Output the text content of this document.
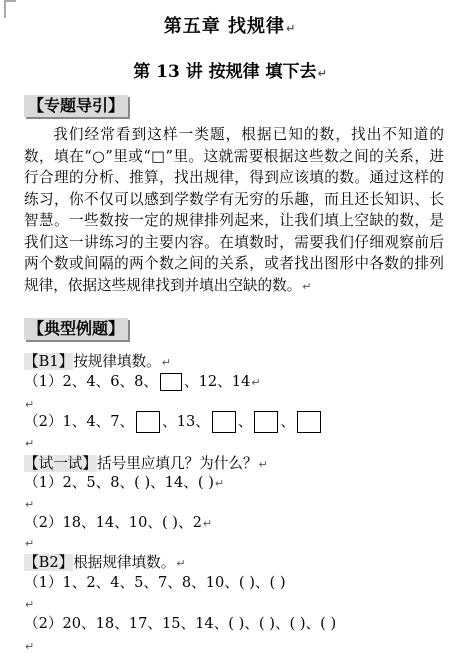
第五章 找规律↵
第 13 讲 按规律 填下去↵
【专题导引】
我们经常看到这样一类题，根据已知的数，找出不知道的数，填在“○”里或“□”里。这就需要根据这些数之间的关系，进行合理的分析、推算，找出规律，得到应该填的数。通过这样的练习，你不仅可以感到学数学有无穷的乐趣，而且还长知识、长智慧。一些数按一定的规律排列起来，让我们填上空缺的数，是我们这一讲练习的主要内容。在填数时，需要我们仔细观察前后两个数或间隔的两个数之间的关系，或者找出图形中各数的排列规律，依据这些规律找到并填出空缺的数。↵
【典型例题】
【B1】按规律填数。↵
（1）2、4、6、8、 、12、14↵
↵
（2）1、4、7、 、13、 、 、
↵
【试一试】括号里应填几？为什么？↵
（1）2、5、8、( )、14、( )↵
↵
（2）18、14、10、( )、2↵
↵
【B2】根据规律填数。↵
（1）1、2、4、5、7、8、10、( )、( )
↵
（2）20、18、17、15、14、( )、( )、( )、( )
↵
